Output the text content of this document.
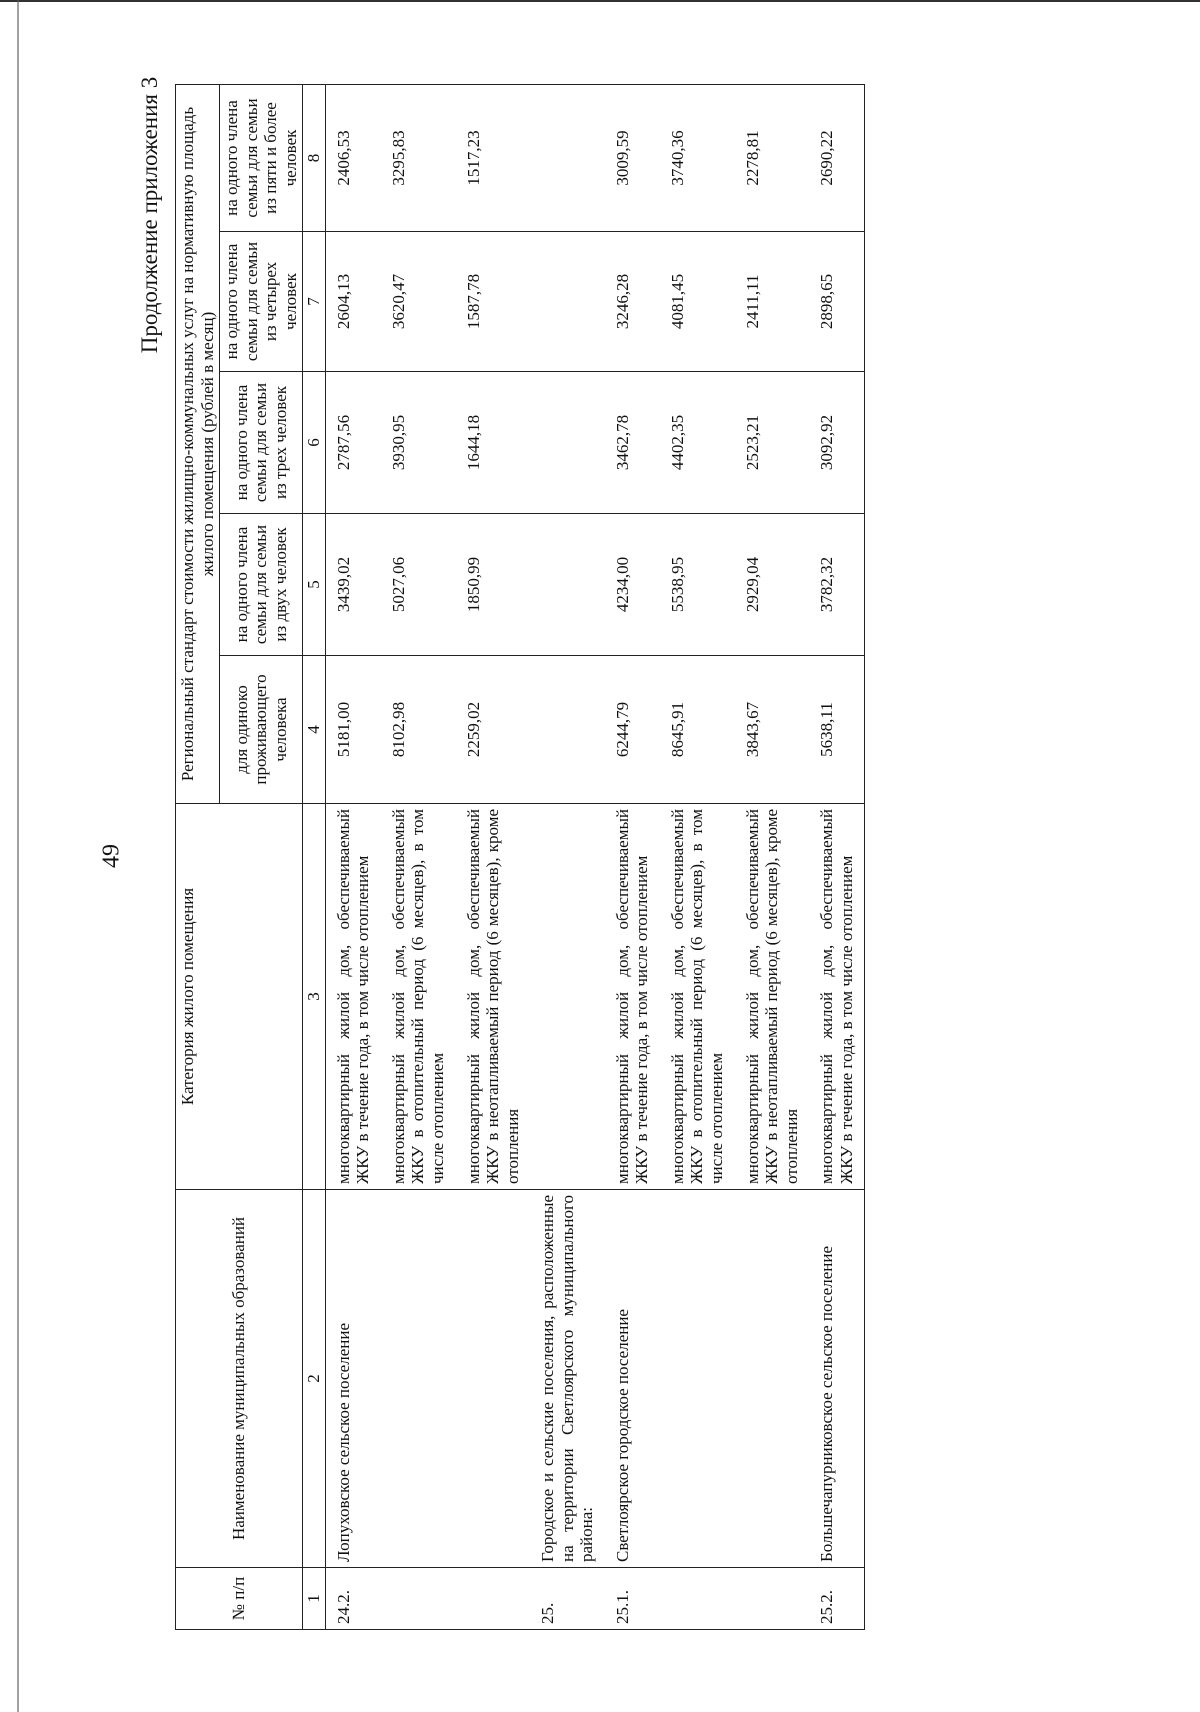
49
Продолжение приложения 3
№ п/п	Наименование муниципальных образований	Категория жилого помещения	Региональный стандарт стоимости жилищно-коммунальных услуг на нормативную площадь жилого помещения (рублей в месяц)				
			для одиноко проживающего человека	на одного члена семьи для семьи из двух человек	на одного члена семьи для семьи из трех человек	на одного члена семьи для семьи из четырех человек	на одного члена семьи для семьи из пяти и более человек
1	2	3	4	5	6	7	8
24.2.	Лопуховское сельское поселение	многоквартирный жилой дом, обеспечиваемый ЖКУ в течение года, в том числе отоплением	5181,00	3439,02	2787,56	2604,13	2406,53
		многоквартирный жилой дом, обеспечиваемый ЖКУ в отопительный период (6 месяцев), в том числе отоплением	8102,98	5027,06	3930,95	3620,47	3295,83
		многоквартирный жилой дом, обеспечиваемый ЖКУ в неотапливаемый период (6 месяцев), кроме отопления	2259,02	1850,99	1644,18	1587,78	1517,23
25.	Городское и сельские поселения, расположенные на территории Светлоярского муниципального района:						
25.1.	Светлоярское городское поселение	многоквартирный жилой дом, обеспечиваемый ЖКУ в течение года, в том числе отоплением	6244,79	4234,00	3462,78	3246,28	3009,59
		многоквартирный жилой дом, обеспечиваемый ЖКУ в отопительный период (6 месяцев), в том числе отоплением	8645,91	5538,95	4402,35	4081,45	3740,36
		многоквартирный жилой дом, обеспечиваемый ЖКУ в неотапливаемый период (6 месяцев), кроме отопления	3843,67	2929,04	2523,21	2411,11	2278,81
25.2.	Большечапурниковское сельское поселение	многоквартирный жилой дом, обеспечиваемый ЖКУ в течение года, в том числе отоплением	5638,11	3782,32	3092,92	2898,65	2690,22
